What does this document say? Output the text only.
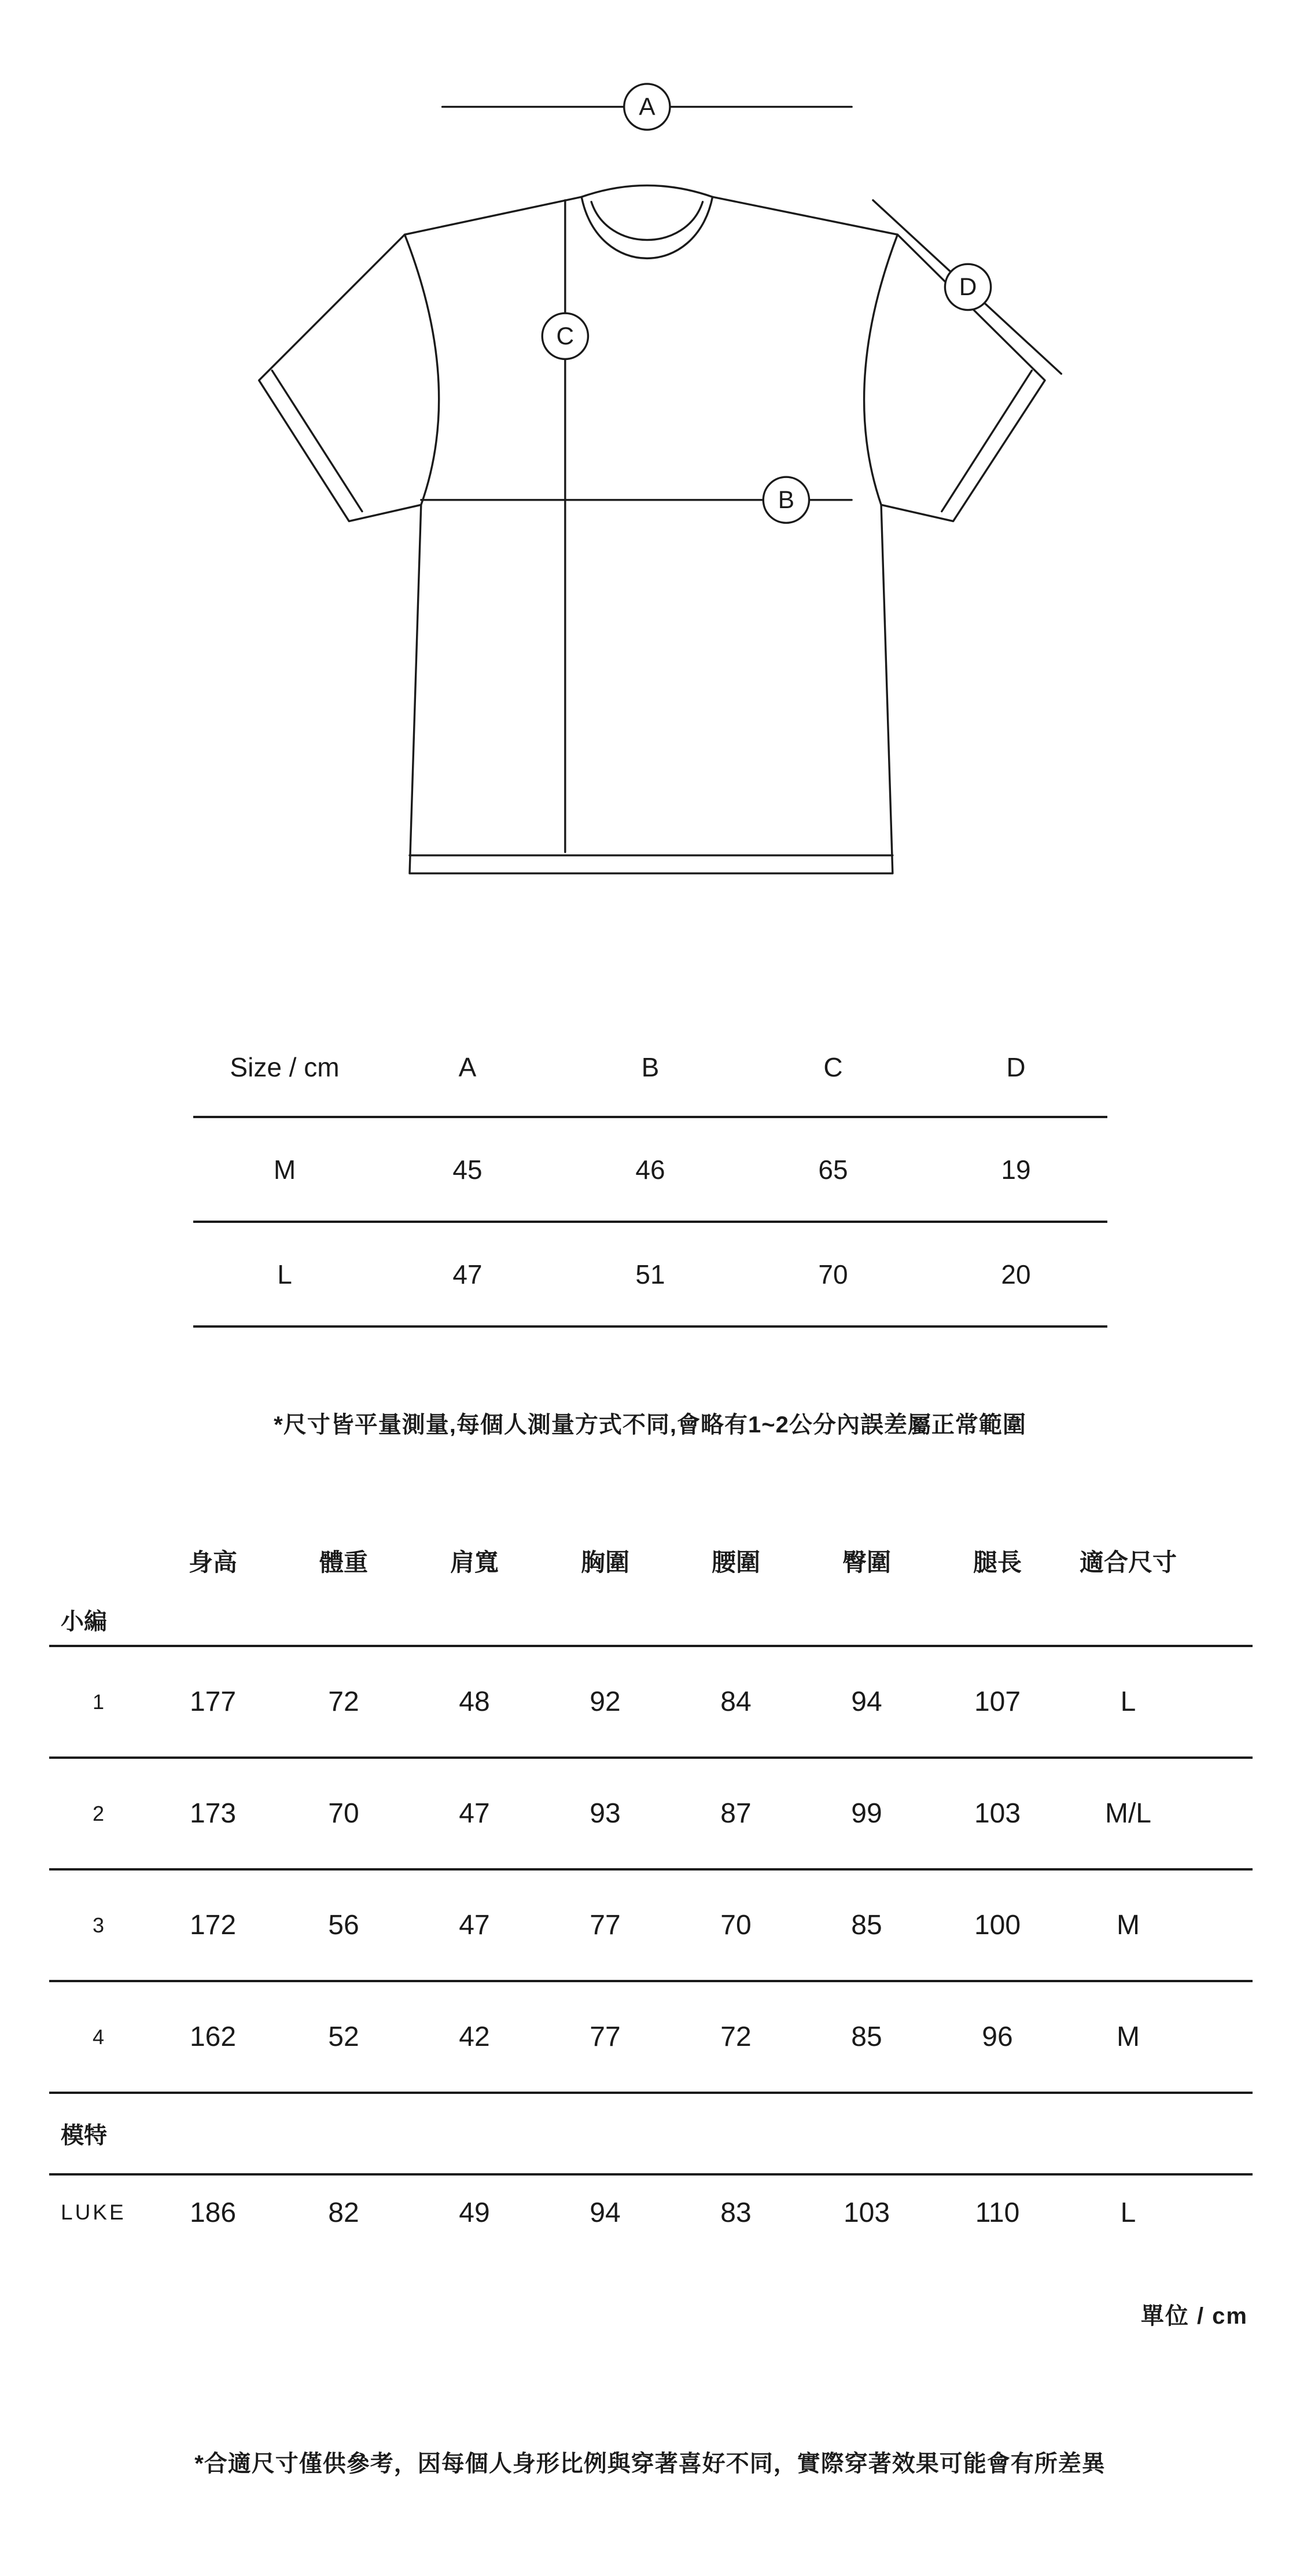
A
B
C
D
Size / cm	A	B	C	D
M	45	46	65	19
L	47	51	70	20
*尺寸皆平量測量,每個人測量方式不同,會略有1~2公分內誤差屬正常範圍
	身高	體重	肩寬	胸圍	腰圍	臀圍	腿長	適合尺寸	
小編									
1	177	72	48	92	84	94	107	L	
2	173	70	47	93	87	99	103	M/L	
3	172	56	47	77	70	85	100	M	
4	162	52	42	77	72	85	96	M	
模特									
LUKE	186	82	49	94	83	103	110	L	
單位 / cm
*合適尺寸僅供參考，因每個人身形比例與穿著喜好不同，實際穿著效果可能會有所差異
